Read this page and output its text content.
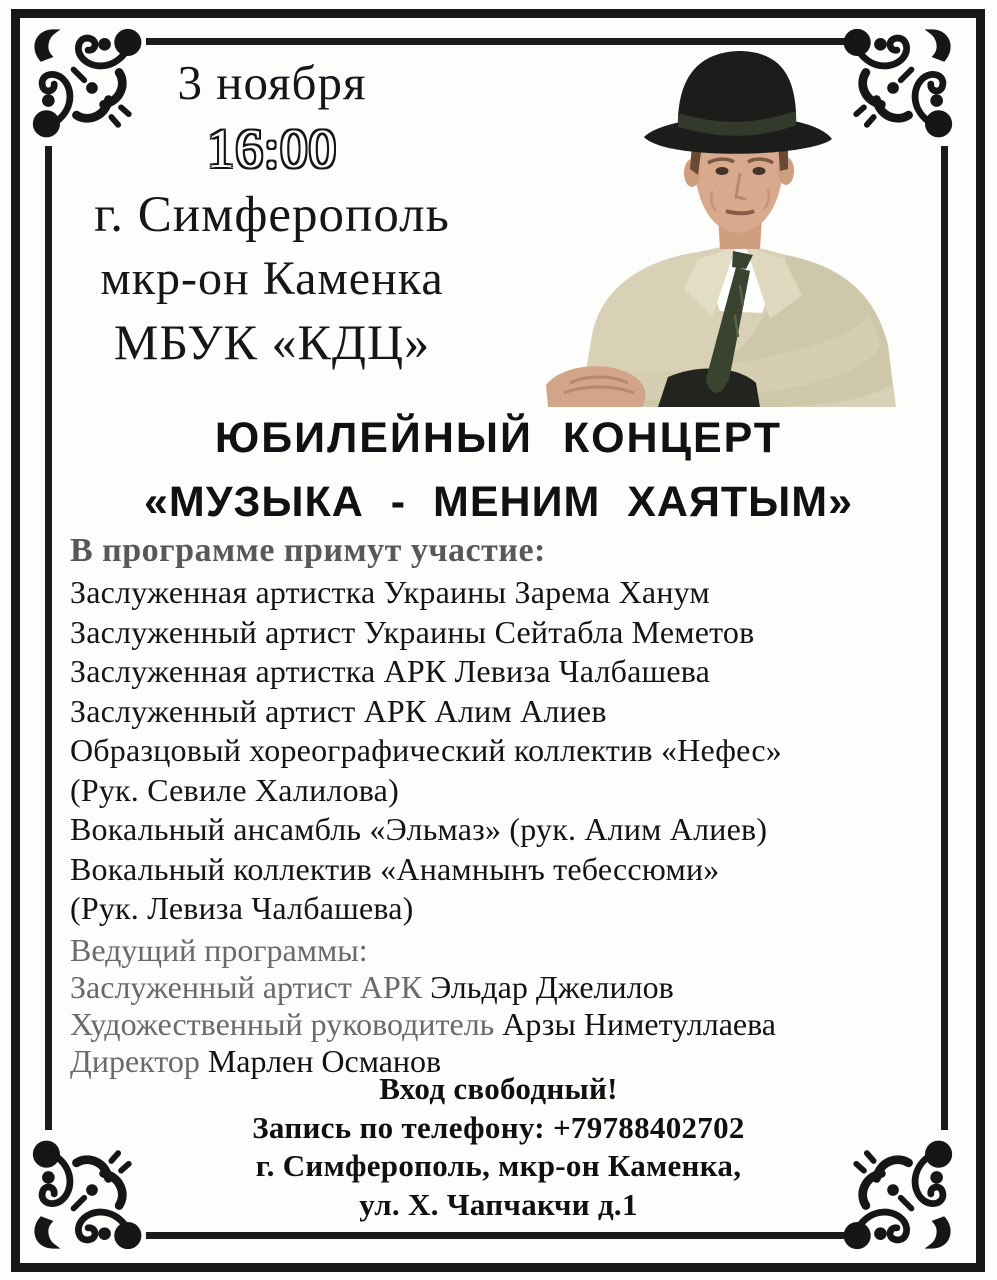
3 ноября
16:00
г. Симферополь
мкр-он Каменка
МБУК «КДЦ»
ЮБИЛЕЙНЫЙ КОНЦЕРТ
«МУЗЫКА - МЕНИМ ХАЯТЫМ»
В программе примут участие:
Заслуженная артистка Украины Зарема Ханум
Заслуженный артист Украины Сейтабла Меметов
Заслуженная артистка АРК Левиза Чалбашева
Заслуженный артист АРК Алим Алиев
Образцовый хореографический коллектив «Нефес»
(Рук. Севиле Халилова)
Вокальный ансамбль «Эльмаз» (рук. Алим Алиев)
Вокальный коллектив «Анамнынъ тебессюми»
(Рук. Левиза Чалбашева)
Ведущий программы:
Заслуженный артист АРК Эльдар Джелилов
Художественный руководитель Арзы Ниметуллаева
Директор Марлен Османов
Вход свободный!
Запись по телефону: +79788402702
г. Симферополь, мкр-он Каменка,
ул. Х. Чапчакчи д.1
